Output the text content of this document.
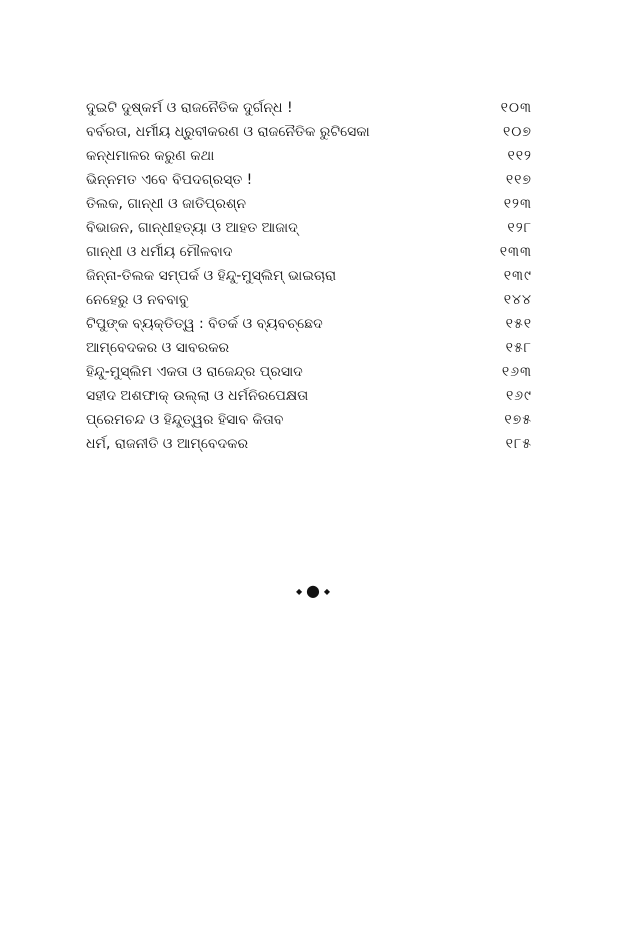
ଦୁଇଟି ଦୁଷ୍କର୍ମ ଓ ରାଜନୈତିକ ଦୁର୍ଗନ୍ଧ !	୧୦୩
ବର୍ବରତା, ଧର୍ମୀୟ ଧ୍ରୁବୀକରଣ ଓ ରାଜନୈତିକ ରୁଟିସେକା	୧୦୭
କନ୍ଧମାଳର କରୁଣ କଥା	୧୧୨
ଭିନ୍ନମତ ଏବେ ବିପଦଗ୍ରସ୍ତ !	୧୧୭
ତିଲକ, ଗାନ୍ଧୀ ଓ ଜାତିପ୍ରଶ୍ନ	୧୨୩
ବିଭାଜନ, ଗାନ୍ଧୀହତ୍ୟା ଓ ଆହତ ଆଜାଦ୍‌	୧୨୮
ଗାନ୍ଧୀ ଓ ଧର୍ମୀୟ ମୌଳବାଦ	୧୩୩
ଜିନ୍ନା-ତିଲକ ସମ୍ପର୍କ ଓ ହିନ୍ଦୁ-ମୁସ୍‌ଲିମ୍‌ ଭାଇଚାରା	୧୩୯
ନେହେରୁ ଓ ନବବାବୁ	୧୪୪
ଟିପୁଙ୍କ ବ୍ୟକ୍ତିତ୍ୱ : ବିତର୍କ ଓ ବ୍ୟବଚ୍ଛେଦ	୧୫୧
ଆମ୍ବେଦକର ଓ ସାବରକର	୧୫୮
ହିନ୍ଦୁ-ମୁସ୍‌ଲିମ ଏକତା ଓ ରାଜେନ୍ଦ୍ର ପ୍ରସାଦ	୧୬୩
ସହୀଦ ଅଶଫାକ୍‌ ଉଲ୍ଲା ଓ ଧର୍ମନିରପେକ୍ଷତା	୧୬୯
ପ୍ରେମଚନ୍ଦ ଓ ହିନ୍ଦୁତ୍ୱର ହିସାବ କିତାବ	୧୭୫
ଧର୍ମ, ରାଜନୀତି ଓ ଆମ୍ବେଦକର	୧୮୫
◆ ● ◆
